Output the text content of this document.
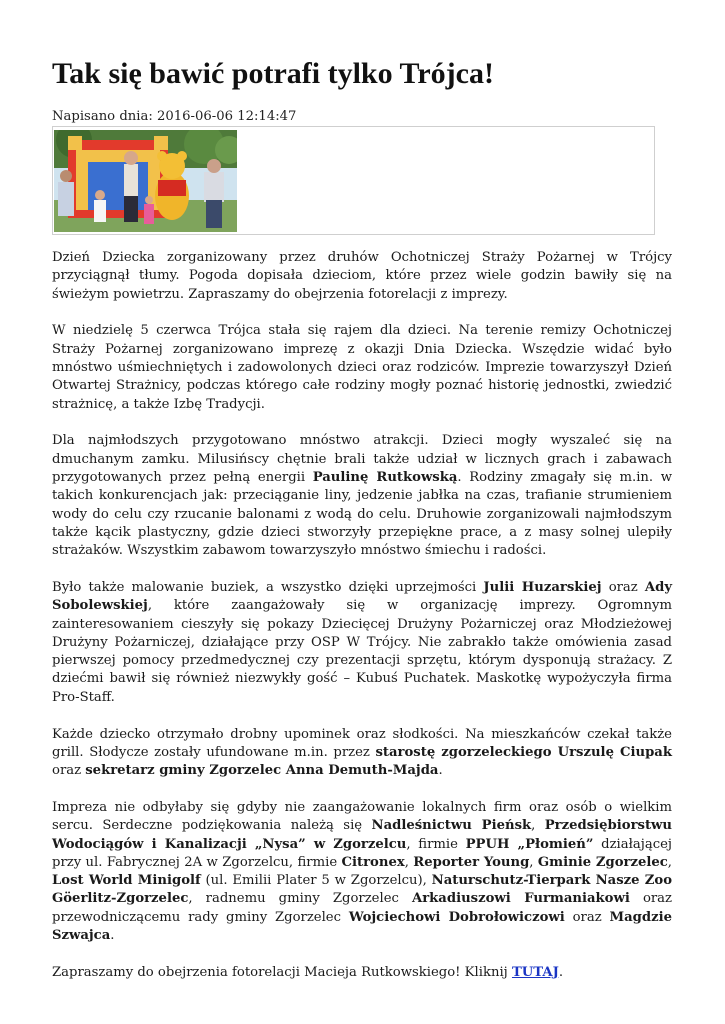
Tak się bawić potrafi tylko Trójca!
Napisano dnia: 2016-06-06 12:14:47

Dzień Dziecka zorganizowany przez druhów Ochotniczej Straży Pożarnej w Trójcy przyciągnął tłumy. Pogoda dopisała dzieciom, które przez wiele godzin bawiły się na świeżym powietrzu. Zapraszamy do obejrzenia fotorelacji z imprezy.

W niedzielę 5 czerwca Trójca stała się rajem dla dzieci. Na terenie remizy Ochotniczej Straży Pożarnej zorganizowano imprezę z okazji Dnia Dziecka. Wszędzie widać było mnóstwo uśmiechniętych i zadowolonych dzieci oraz rodziców. Imprezie towarzyszył Dzień Otwartej Strażnicy, podczas którego całe rodziny mogły poznać historię jednostki, zwiedzić strażnicę, a także Izbę Tradycji.

Dla najmłodszych przygotowano mnóstwo atrakcji. Dzieci mogły wyszaleć się na dmuchanym zamku. Milusińscy chętnie brali także udział w licznych grach i zabawach przygotowanych przez pełną energii Paulinę Rutkowską. Rodziny zmagały się m.in. w takich konkurencjach jak: przeciąganie liny, jedzenie jabłka na czas, trafianie strumieniem wody do celu czy rzucanie balonami z wodą do celu. Druhowie zorganizowali najmłodszym także kącik plastyczny, gdzie dzieci stworzyły przepiękne prace, a z masy solnej ulepiły strażaków. Wszystkim zabawom towarzyszyło mnóstwo śmiechu i radości.

Było także malowanie buziek, a wszystko dzięki uprzejmości Julii Huzarskiej oraz Ady Sobolewskiej, które zaangażowały się w organizację imprezy. Ogromnym zainteresowaniem cieszyły się pokazy Dziecięcej Drużyny Pożarniczej oraz Młodzieżowej Drużyny Pożarniczej, działające przy OSP W Trójcy. Nie zabrakło także omówienia zasad pierwszej pomocy przedmedycznej czy prezentacji sprzętu, którym dysponują strażacy. Z dziećmi bawił się również niezwykły gość – Kubuś Puchatek. Maskotkę wypożyczyła firma Pro-Staff.

Każde dziecko otrzymało drobny upominek oraz słodkości. Na mieszkańców czekał także grill. Słodycze zostały ufundowane m.in. przez starostę zgorzeleckiego Urszulę Ciupak oraz sekretarz gminy Zgorzelec Anna Demuth-Majda.

Impreza nie odbyłaby się gdyby nie zaangażowanie lokalnych firm oraz osób o wielkim sercu. Serdeczne podziękowania należą się Nadleśnictwu Pieńsk, Przedsiębiorstwu Wodociągów i Kanalizacji „Nysa” w Zgorzelcu, firmie PPUH „Płomień” działającej przy ul. Fabrycznej 2A w Zgorzelcu, firmie Citronex, Reporter Young, Gminie Zgorzelec, Lost World Minigolf (ul. Emilii Plater 5 w Zgorzelcu), Naturschutz-Tierpark Nasze Zoo Göerlitz-Zgorzelec, radnemu gminy Zgorzelec Arkadiuszowi Furmaniakowi oraz przewodniczącemu rady gminy Zgorzelec Wojciechowi Dobrołowiczowi oraz Magdzie Szwajca.

Zapraszamy do obejrzenia fotorelacji Macieja Rutkowskiego! Kliknij TUTAJ.
